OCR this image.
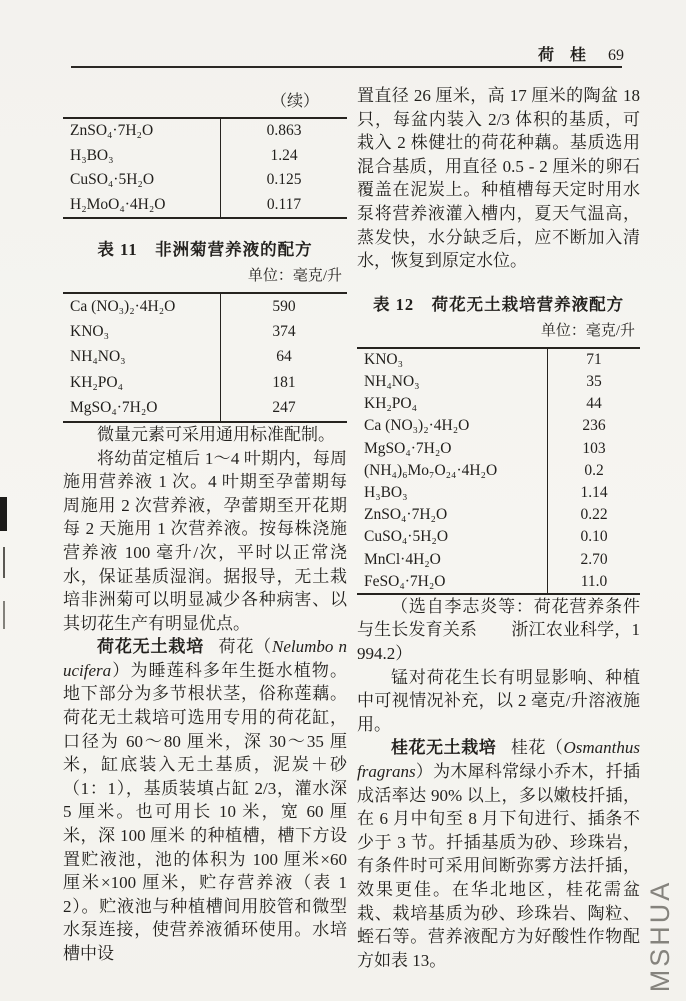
荷 桂 69
（续）
ZnSO₄·7H₂O	0.863
H₃BO₃	1.24
CuSO₄·5H₂O	0.125
H₂MoO₄·4H₂O	0.117
表 11　非洲菊营养液的配方
单位：毫克/升
Ca (NO₃)₂·4H₂O	590
KNO₃	374
NH₄NO₃	64
KH₂PO₄	181
MgSO₄·7H₂O	247

微量元素可采用通用标准配制。

将幼苗定植后 1～4 叶期内，每周施用营养液 1 次。4 叶期至孕蕾期每周施用 2 次营养液，孕蕾期至开花期每 2 天施用 1 次营养液。按每株浇施营养液 100 毫升/次，平时以正常浇水，保证基质湿润。据报导，无土栽培非洲菊可以明显减少各种病害、以其切花生产有明显优点。

荷花无土栽培 荷花（Nelumbo nucifera）为睡莲科多年生挺水植物。地下部分为多节根状茎，俗称莲藕。荷花无土栽培可选用专用的荷花缸，口径为 60～80 厘米，深 30～35 厘米，缸底装入无土基质，泥炭＋砂（1：1），基质装填占缸 2/3，灌水深 5 厘米。也可用长 10 米，宽 60 厘米，深 100 厘米 的种植槽，槽下方设置贮液池，池的体积为 100 厘米×60 厘米×100 厘米，贮存营养液（表 12）。贮液池与种植槽间用胶管和微型水泵连接，使营养液循环使用。水培槽中设

置直径 26 厘米，高 17 厘米的陶盆 18 只，每盆内装入 2/3 体积的基质，可栽入 2 株健壮的荷花种藕。基质选用混合基质，用直径 0.5 - 2 厘米的卵石覆盖在泥炭上。种植槽每天定时用水泵将营养液灌入槽内，夏天气温高，蒸发快，水分缺乏后，应不断加入清水，恢复到原定水位。

表 12　荷花无土栽培营养液配方
单位：毫克/升
KNO₃	71
NH₄NO₃	35
KH₂PO₄	44
Ca (NO₃)₂·4H₂O	236
MgSO₄·7H₂O	103
(NH₄)₆Mo₇O₂₄·4H₂O	0.2
H₃BO₃	1.14
ZnSO₄·7H₂O	0.22
CuSO₄·5H₂O	0.10
MnCl·4H₂O	2.70
FeSO₄·7H₂O	11.0

（选自李志炎等：荷花营养条件与生长发育关系　　浙江农业科学，1994.2）

锰对荷花生长有明显影响、种植中可视情况补充，以 2 毫克/升溶液施用。

桂花无土栽培 桂花（Osmanthus fragrans）为木犀科常绿小乔木，扦插成活率达 90% 以上，多以嫩枝扦插，在 6 月中旬至 8 月下旬进行、插条不少于 3 节。扦插基质为砂、珍珠岩，有条件时可采用间断弥雾方法扦插，效果更佳。在华北地区，桂花需盆栽、栽培基质为砂、珍珠岩、陶粒、蛭石等。营养液配方为好酸性作物配方如表 13。	MSHUA
